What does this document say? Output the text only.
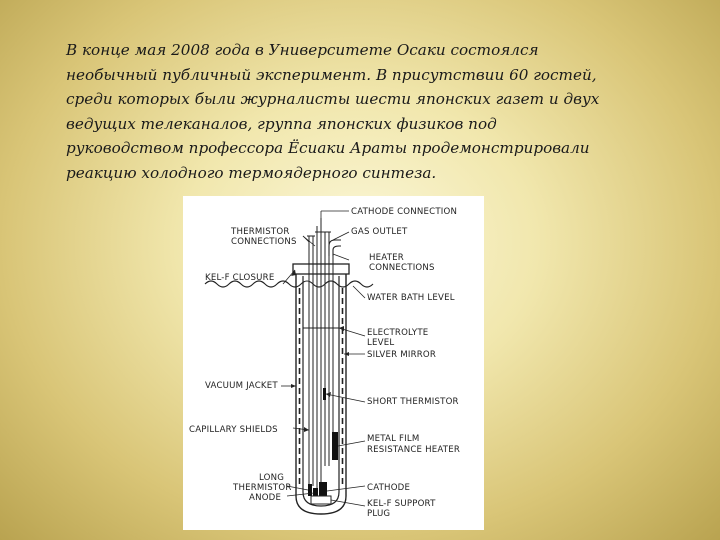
В конце мая 2008 года в Университете Осаки состоялся
необычный публичный эксперимент. В присутствии 60 гостей,
среди которых были журналисты шести японских газет и двух
ведущих телеканалов, группа японских физиков под
руководством профессора Ёсиаки Араты продемонстрировали
реакцию холодного термоядерного синтеза.
CATHODE CONNECTION
GAS OUTLET
HEATER
CONNECTIONS
WATER BATH LEVEL
ELECTROLYTE
LEVEL
SILVER MIRROR
SHORT THERMISTOR
METAL FILM
RESISTANCE HEATER
CATHODE
KEL-F SUPPORT
PLUG
THERMISTOR
CONNECTIONS
KEL-F CLOSURE
VACUUM JACKET
CAPILLARY SHIELDS
LONG
THERMISTOR
ANODE
